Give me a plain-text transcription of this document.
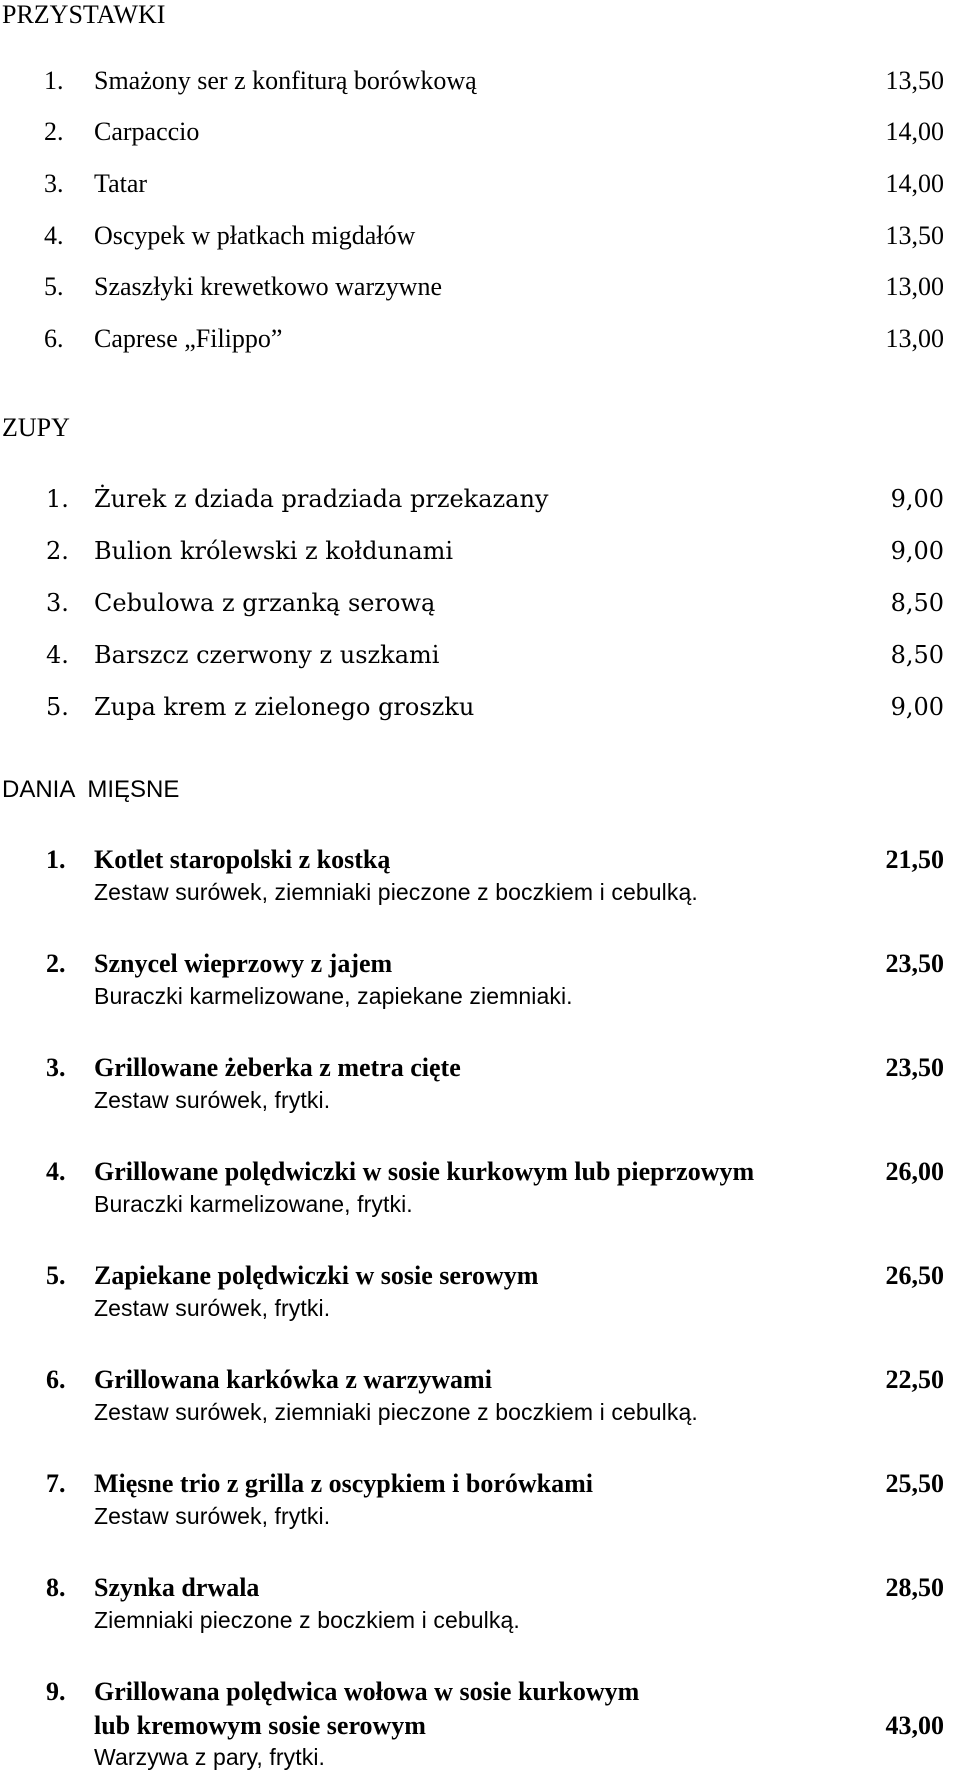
PRZYSTAWKI
1. Smażony ser z konfiturą borówkową	13,50
2. Carpaccio	14,00
3. Tatar	14,00
4. Oscypek w płatkach migdałów	13,50
5. Szaszłyki krewetkowo warzywne	13,00
6. Caprese „Filippo”	13,00
ZUPY
1. Żurek z dziada pradziada przekazany	9,00
2. Bulion królewski z kołdunami	9,00
3. Cebulowa z grzanką serową	8,50
4. Barszcz czerwony z uszkami	8,50
5. Zupa krem z zielonego groszku	9,00
DANIA  MIĘSNE
1. Kotlet staropolski z kostką	21,50
Zestaw surówek, ziemniaki pieczone z boczkiem i cebulką.
2. Sznycel wieprzowy z jajem	23,50
Buraczki karmelizowane, zapiekane ziemniaki.
3. Grillowane żeberka z metra cięte	23,50
Zestaw surówek, frytki.
4. Grillowane polędwiczki w sosie kurkowym lub pieprzowym	26,00
Buraczki karmelizowane, frytki.
5. Zapiekane polędwiczki w sosie serowym	26,50
Zestaw surówek, frytki.
6. Grillowana karkówka z warzywami	22,50
Zestaw surówek, ziemniaki pieczone z boczkiem i cebulką.
7. Mięsne trio z grilla z oscypkiem i borówkami	25,50
Zestaw surówek, frytki.
8. Szynka drwala	28,50
Ziemniaki pieczone z boczkiem i cebulką.
9. Grillowana polędwica wołowa w sosie kurkowym
lub kremowym sosie serowym	43,00
Warzywa z pary, frytki.
